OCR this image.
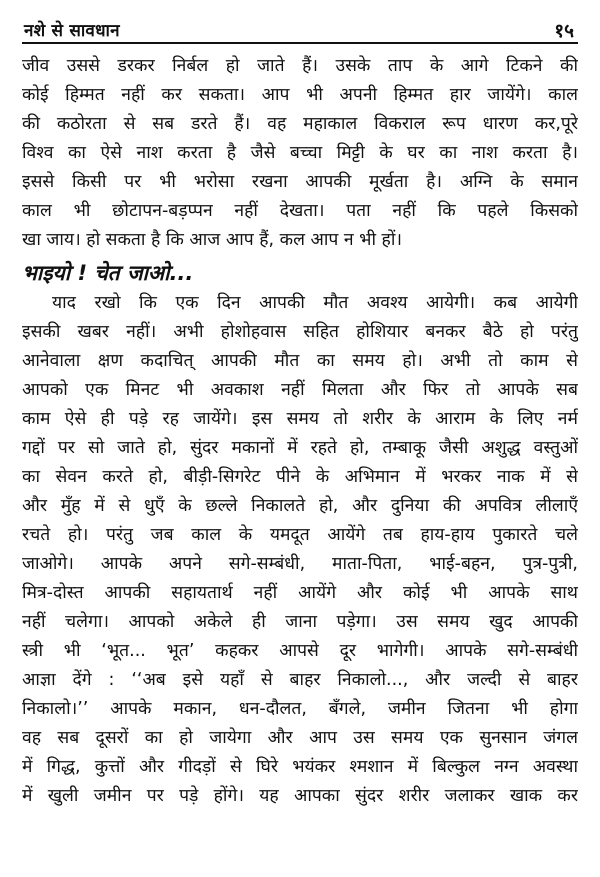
नशे से सावधान	१५
जीव उससे डरकर निर्बल हो जाते हैं। उसके ताप के आगे टिकने की
कोई हिम्मत नहीं कर सकता। आप भी अपनी हिम्मत हार जायेंगे। काल
की कठोरता से सब डरते हैं। वह महाकाल विकराल रूप धारण कर,पूरे
विश्व का ऐसे नाश करता है जैसे बच्चा मिट्टी के घर का नाश करता है।
इससे किसी पर भी भरोसा रखना आपकी मूर्खता है। अग्नि के समान
काल भी छोटापन-बड़प्पन नहीं देखता। पता नहीं कि पहले किसको
खा जाय। हो सकता है कि आज आप हैं, कल आप न भी हों।
भाइयो ! चेत जाओ...
याद रखो कि एक दिन आपकी मौत अवश्य आयेगी। कब आयेगी
इसकी खबर नहीं। अभी होशोहवास सहित होशियार बनकर बैठे हो परंतु
आनेवाला क्षण कदाचित् आपकी मौत का समय हो। अभी तो काम से
आपको एक मिनट भी अवकाश नहीं मिलता और फिर तो आपके सब
काम ऐसे ही पड़े रह जायेंगे। इस समय तो शरीर के आराम के लिए नर्म
गद्दों पर सो जाते हो, सुंदर मकानों में रहते हो, तम्बाकू जैसी अशुद्ध वस्तुओं
का सेवन करते हो, बीड़ी-सिगरेट पीने के अभिमान में भरकर नाक में से
और मुँह में से धुएँ के छल्ले निकालते हो, और दुनिया की अपवित्र लीलाएँ
रचते हो। परंतु जब काल के यमदूत आयेंगे तब हाय-हाय पुकारते चले
जाओगे। आपके अपने सगे-सम्बंधी, माता-पिता, भाई-बहन, पुत्र-पुत्री,
मित्र-दोस्त आपकी सहायतार्थ नहीं आयेंगे और कोई भी आपके साथ
नहीं चलेगा। आपको अकेले ही जाना पड़ेगा। उस समय खुद आपकी
स्त्री भी ‘भूत... भूत’ कहकर आपसे दूर भागेगी। आपके सगे-सम्बंधी
आज्ञा देंगे : ‘‘अब इसे यहाँ से बाहर निकालो..., और जल्दी से बाहर
निकालो।’’ आपके मकान, धन-दौलत, बँगले, जमीन जितना भी होगा
वह सब दूसरों का हो जायेगा और आप उस समय एक सुनसान जंगल
में गिद्ध, कुत्तों और गीदड़ों से घिरे भयंकर श्मशान में बिल्कुल नग्न अवस्था
में खुली जमीन पर पड़े होंगे। यह आपका सुंदर शरीर जलाकर खाक कर
